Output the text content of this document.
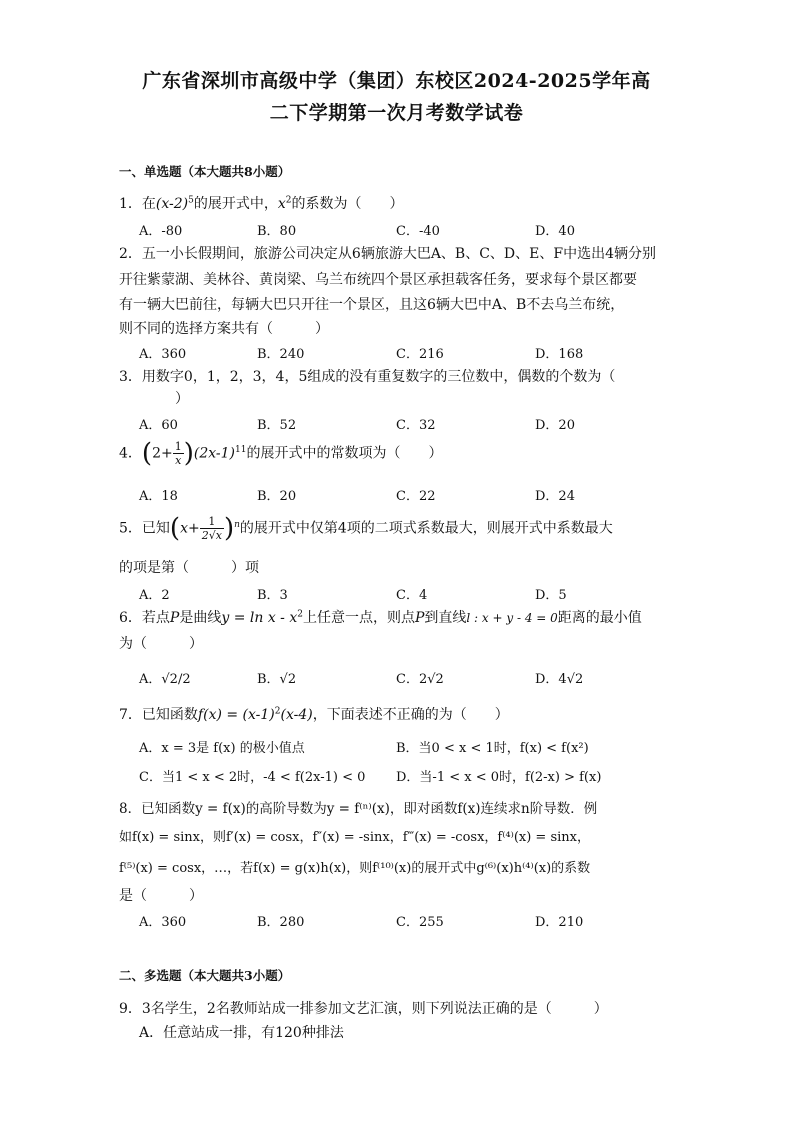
广东省深圳市高级中学（集团）东校区2024-2025学年高
二下学期第一次月考数学试卷
一、单选题（本大题共8小题）
1．在$(x-2)^5$的展开式中，$x^2$的系数为（　　）
A．-80	B．80	C．-40	D．40
2．五一小长假期间，旅游公司决定从6辆旅游大巴A、B、C、D、E、F中选出4辆分别
开往紫蒙湖、美林谷、黄岗梁、乌兰布统四个景区承担载客任务，要求每个景区都要
有一辆大巴前往，每辆大巴只开往一个景区，且这6辆大巴中A、B不去乌兰布统，
则不同的选择方案共有（　　　）
A．360	B．240	C．216	D．168
3．用数字0，1，2，3，4，5组成的没有重复数字的三位数中，偶数的个数为（
）
A．60	B．52	C．32	D．20
4．$(2+ \frac{1}{x} )(2x-1)^{11}$的展开式中的常数项为（　　）
A．18	B．20	C．22	D．24
5．已知$(x+ \frac{1}{2√x} )^n$的展开式中仅第4项的二项式系数最大，则展开式中系数最大
的项是第（　　　）项
A．2	B．3	C．4	D．5
6．若点P是曲线$y = \ln x - x^2$上任意一点，则点P到直线l : x + y - 4 = 0距离的最小值
为（　　　）
A．√2/2	B．√2	C．2√2	D．4√2
7．已知函数$f(x) = (x-1)^2(x-4)$，下面表述不正确的为（　　）
A．x = 3是 f(x) 的极小值点	B．当0 < x < 1时，f(x) < f(x²)
C．当1 < x < 2时，-4 < f(2x-1) < 0 D．当-1 < x < 0时，f(2-x) > f(x)
8．已知函数y = f(x)的高阶导数为y = f⁽ⁿ⁾(x)，即对函数f(x)连续求n阶导数．例
如f(x) = sinx，则f′(x) = cosx，f″(x) = -sinx，f‴(x) = -cosx，f⁽⁴⁾(x) = sinx，
f⁽⁵⁾(x) = cosx，…，若f(x) = g(x)h(x)，则f⁽¹⁰⁾(x)的展开式中g⁽⁶⁾(x)h⁽⁴⁾(x)的系数
是（　　　）
A．360	B．280	C．255	D．210
二、多选题（本大题共3小题）
9．3名学生，2名教师站成一排参加文艺汇演，则下列说法正确的是（　　　）
A．任意站成一排，有120种排法
